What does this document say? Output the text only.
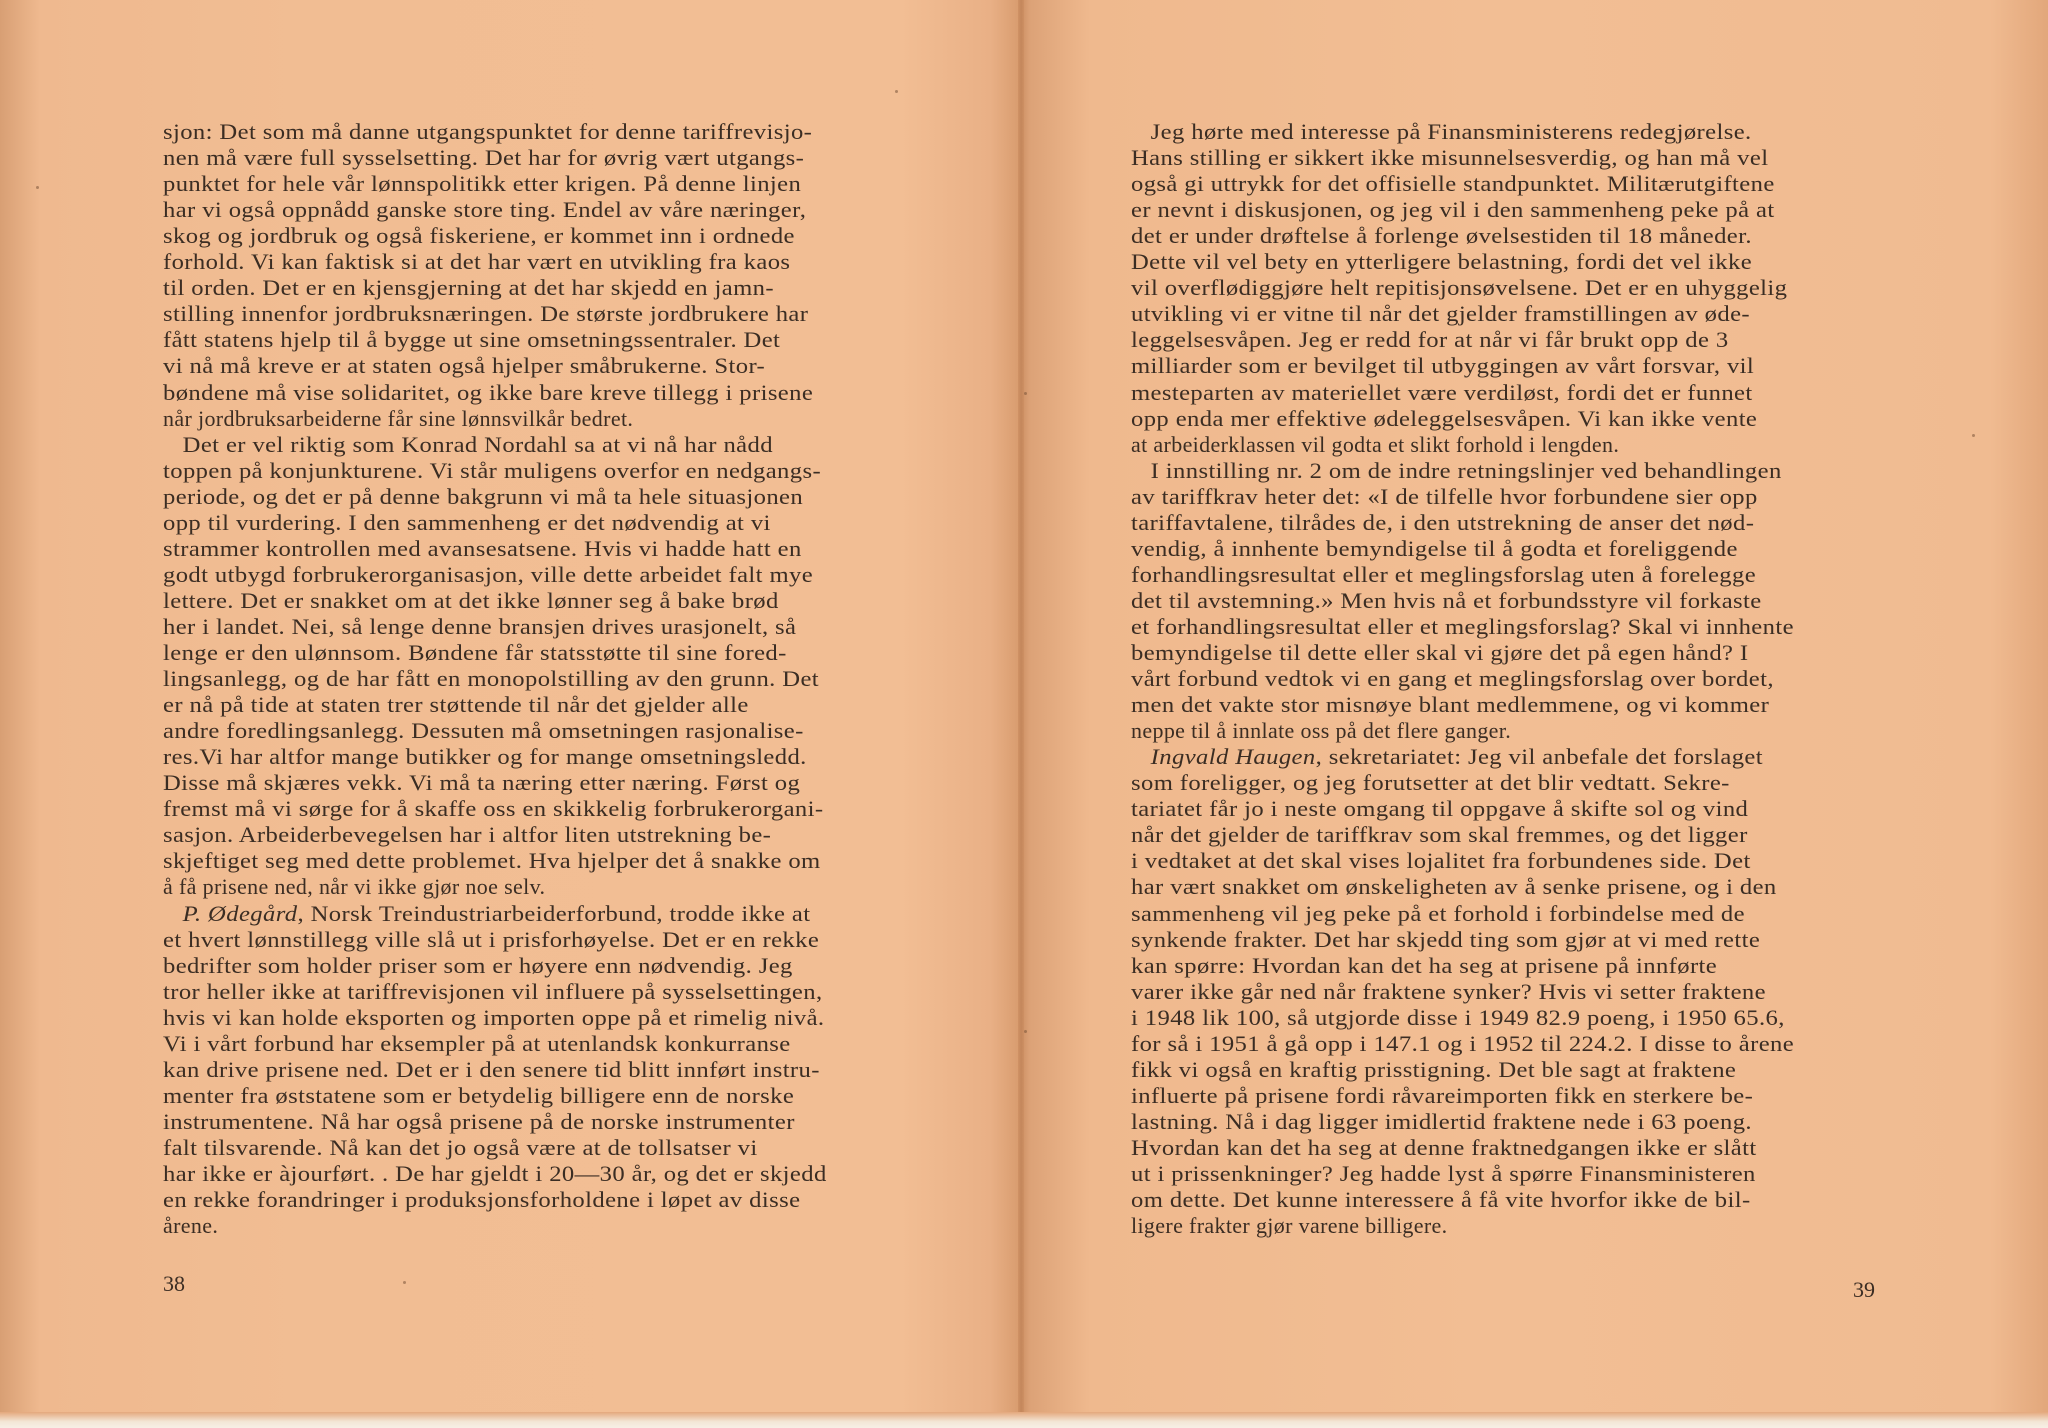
sjon: Det som må danne utgangspunktet for denne tariffrevisjo-
nen må være full sysselsetting. Det har for øvrig vært utgangs-
punktet for hele vår lønnspolitikk etter krigen. På denne linjen
har vi også oppnådd ganske store ting. Endel av våre næringer,
skog og jordbruk og også fiskeriene, er kommet inn i ordnede
forhold. Vi kan faktisk si at det har vært en utvikling fra kaos
til orden. Det er en kjensgjerning at det har skjedd en jamn-
stilling innenfor jordbruksnæringen. De største jordbrukere har
fått statens hjelp til å bygge ut sine omsetningssentraler. Det
vi nå må kreve er at staten også hjelper småbrukerne. Stor-
bøndene må vise solidaritet, og ikke bare kreve tillegg i prisene
når jordbruksarbeiderne får sine lønnsvilkår bedret.
Det er vel riktig som Konrad Nordahl sa at vi nå har nådd
toppen på konjunkturene. Vi står muligens overfor en nedgangs-
periode, og det er på denne bakgrunn vi må ta hele situasjonen
opp til vurdering. I den sammenheng er det nødvendig at vi
strammer kontrollen med avansesatsene. Hvis vi hadde hatt en
godt utbygd forbrukerorganisasjon, ville dette arbeidet falt mye
lettere. Det er snakket om at det ikke lønner seg å bake brød
her i landet. Nei, så lenge denne bransjen drives urasjonelt, så
lenge er den ulønnsom. Bøndene får statsstøtte til sine fored-
lingsanlegg, og de har fått en monopolstilling av den grunn. Det
er nå på tide at staten trer støttende til når det gjelder alle
andre foredlingsanlegg. Dessuten må omsetningen rasjonalise-
res.Vi har altfor mange butikker og for mange omsetningsledd.
Disse må skjæres vekk. Vi må ta næring etter næring. Først og
fremst må vi sørge for å skaffe oss en skikkelig forbrukerorgani-
sasjon. Arbeiderbevegelsen har i altfor liten utstrekning be-
skjeftiget seg med dette problemet. Hva hjelper det å snakke om
å få prisene ned, når vi ikke gjør noe selv.
P. Ødegård, Norsk Treindustriarbeiderforbund, trodde ikke at
et hvert lønnstillegg ville slå ut i prisforhøyelse. Det er en rekke
bedrifter som holder priser som er høyere enn nødvendig. Jeg
tror heller ikke at tariffrevisjonen vil influere på sysselsettingen,
hvis vi kan holde eksporten og importen oppe på et rimelig nivå.
Vi i vårt forbund har eksempler på at utenlandsk konkurranse
kan drive prisene ned. Det er i den senere tid blitt innført instru-
menter fra øststatene som er betydelig billigere enn de norske
instrumentene. Nå har også prisene på de norske instrumenter
falt tilsvarende. Nå kan det jo også være at de tollsatser vi
har ikke er àjourført. . De har gjeldt i 20—30 år, og det er skjedd
en rekke forandringer i produksjonsforholdene i løpet av disse
årene.
38
Jeg hørte med interesse på Finansministerens redegjørelse.
Hans stilling er sikkert ikke misunnelsesverdig, og han må vel
også gi uttrykk for det offisielle standpunktet. Militærutgiftene
er nevnt i diskusjonen, og jeg vil i den sammenheng peke på at
det er under drøftelse å forlenge øvelsestiden til 18 måneder.
Dette vil vel bety en ytterligere belastning, fordi det vel ikke
vil overflødiggjøre helt repitisjonsøvelsene. Det er en uhyggelig
utvikling vi er vitne til når det gjelder framstillingen av øde-
leggelsesvåpen. Jeg er redd for at når vi får brukt opp de 3
milliarder som er bevilget til utbyggingen av vårt forsvar, vil
mesteparten av materiellet være verdiløst, fordi det er funnet
opp enda mer effektive ødeleggelsesvåpen. Vi kan ikke vente
at arbeiderklassen vil godta et slikt forhold i lengden.
I innstilling nr. 2 om de indre retningslinjer ved behandlingen
av tariffkrav heter det: «I de tilfelle hvor forbundene sier opp
tariffavtalene, tilrådes de, i den utstrekning de anser det nød-
vendig, å innhente bemyndigelse til å godta et foreliggende
forhandlingsresultat eller et meglingsforslag uten å forelegge
det til avstemning.» Men hvis nå et forbundsstyre vil forkaste
et forhandlingsresultat eller et meglingsforslag? Skal vi innhente
bemyndigelse til dette eller skal vi gjøre det på egen hånd? I
vårt forbund vedtok vi en gang et meglingsforslag over bordet,
men det vakte stor misnøye blant medlemmene, og vi kommer
neppe til å innlate oss på det flere ganger.
Ingvald Haugen, sekretariatet: Jeg vil anbefale det forslaget
som foreligger, og jeg forutsetter at det blir vedtatt. Sekre-
tariatet får jo i neste omgang til oppgave å skifte sol og vind
når det gjelder de tariffkrav som skal fremmes, og det ligger
i vedtaket at det skal vises lojalitet fra forbundenes side. Det
har vært snakket om ønskeligheten av å senke prisene, og i den
sammenheng vil jeg peke på et forhold i forbindelse med de
synkende frakter. Det har skjedd ting som gjør at vi med rette
kan spørre: Hvordan kan det ha seg at prisene på innførte
varer ikke går ned når fraktene synker? Hvis vi setter fraktene
i 1948 lik 100, så utgjorde disse i 1949 82.9 poeng, i 1950 65.6,
for så i 1951 å gå opp i 147.1 og i 1952 til 224.2. I disse to årene
fikk vi også en kraftig prisstigning. Det ble sagt at fraktene
influerte på prisene fordi råvareimporten fikk en sterkere be-
lastning. Nå i dag ligger imidlertid fraktene nede i 63 poeng.
Hvordan kan det ha seg at denne fraktnedgangen ikke er slått
ut i prissenkninger? Jeg hadde lyst å spørre Finansministeren
om dette. Det kunne interessere å få vite hvorfor ikke de bil-
ligere frakter gjør varene billigere.
39
